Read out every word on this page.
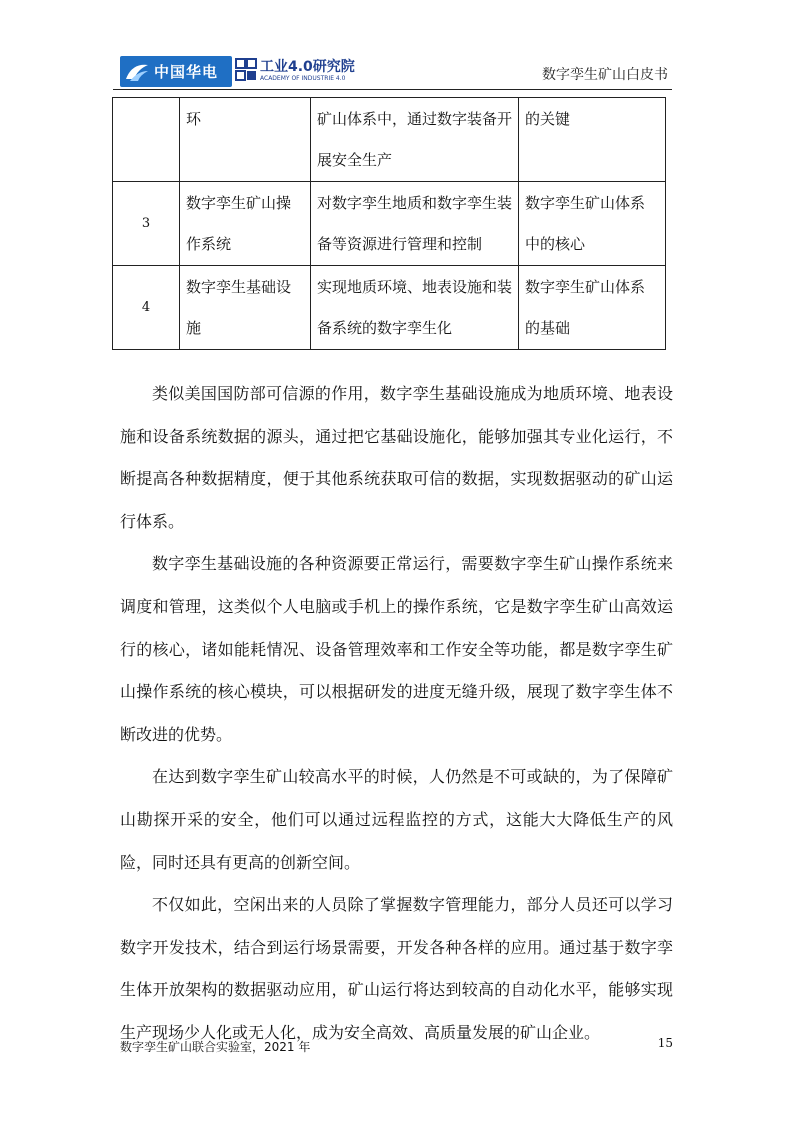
中国华电	工业4.0研究院
ACADEMY OF INDUSTRIE 4.0	数字孪生矿山白皮书
	环	矿山体系中，通过数字装备开展安全生产	的关键
3	数字孪生矿山操作系统	对数字孪生地质和数字孪生装备等资源进行管理和控制	数字孪生矿山体系中的核心
4	数字孪生基础设施	实现地质环境、地表设施和装备系统的数字孪生化	数字孪生矿山体系的基础

类似美国国防部可信源的作用，数字孪生基础设施成为地质环境、地表设施和设备系统数据的源头，通过把它基础设施化，能够加强其专业化运行，不断提高各种数据精度，便于其他系统获取可信的数据，实现数据驱动的矿山运行体系。

数字孪生基础设施的各种资源要正常运行，需要数字孪生矿山操作系统来调度和管理，这类似个人电脑或手机上的操作系统，它是数字孪生矿山高效运行的核心，诸如能耗情况、设备管理效率和工作安全等功能，都是数字孪生矿山操作系统的核心模块，可以根据研发的进度无缝升级，展现了数字孪生体不断改进的优势。

在达到数字孪生矿山较高水平的时候，人仍然是不可或缺的，为了保障矿山勘探开采的安全，他们可以通过远程监控的方式，这能大大降低生产的风险，同时还具有更高的创新空间。

不仅如此，空闲出来的人员除了掌握数字管理能力，部分人员还可以学习数字开发技术，结合到运行场景需要，开发各种各样的应用。通过基于数字孪生体开放架构的数据驱动应用，矿山运行将达到较高的自动化水平，能够实现生产现场少人化或无人化，成为安全高效、高质量发展的矿山企业。

数字孪生矿山联合实验室，2021 年	15
